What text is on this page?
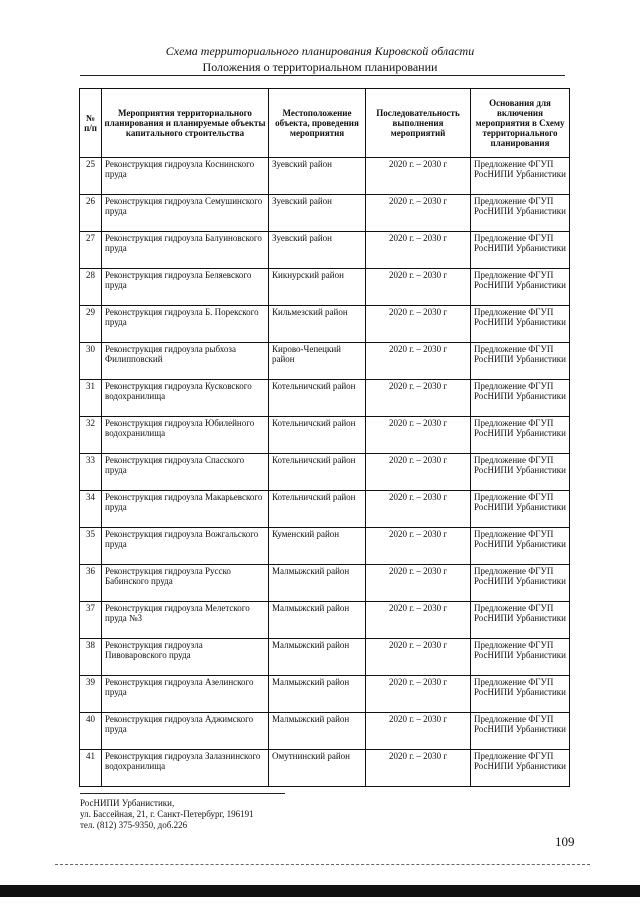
Схема территориального планирования Кировской области
Положения о территориальном планировании
№ п/п	Мероприятия территориального планирования и планируемые объекты капитального строительства	Местоположение объекта, проведения мероприятия	Последовательность выполнения мероприятий	Основания для включения мероприятия в Схему территориального планирования
25	Реконструкция гидроузла Коснинского пруда	Зуевский район	2020 г. – 2030 г	Предложение ФГУП РосНИПИ Урбанистики
26	Реконструкция гидроузла Семушинского пруда	Зуевский район	2020 г. – 2030 г	Предложение ФГУП РосНИПИ Урбанистики
27	Реконструкция гидроузла Балуиновского пруда	Зуевский район	2020 г. – 2030 г	Предложение ФГУП РосНИПИ Урбанистики
28	Реконструкция гидроузла Беляевского пруда	Кикнурский район	2020 г. – 2030 г	Предложение ФГУП РосНИПИ Урбанистики
29	Реконструкция гидроузла Б. Порекского пруда	Кильмезский район	2020 г. – 2030 г	Предложение ФГУП РосНИПИ Урбанистики
30	Реконструкция гидроузла рыбхоза Филипповский	Кирово-Чепецкий район	2020 г. – 2030 г	Предложение ФГУП РосНИПИ Урбанистики
31	Реконструкция гидроузла Кусковского водохранилища	Котельничский район	2020 г. – 2030 г	Предложение ФГУП РосНИПИ Урбанистики
32	Реконструкция гидроузла Юбилейного водохранилища	Котельничский район	2020 г. – 2030 г	Предложение ФГУП РосНИПИ Урбанистики
33	Реконструкция гидроузла Спасского пруда	Котельничский район	2020 г. – 2030 г	Предложение ФГУП РосНИПИ Урбанистики
34	Реконструкция гидроузла Макарьевского пруда	Котельничский район	2020 г. – 2030 г	Предложение ФГУП РосНИПИ Урбанистики
35	Реконструкция гидроузла Вожгальского пруда	Куменский район	2020 г. – 2030 г	Предложение ФГУП РосНИПИ Урбанистики
36	Реконструкция гидроузла Русско Бабинского пруда	Малмыжский район	2020 г. – 2030 г	Предложение ФГУП РосНИПИ Урбанистики
37	Реконструкция гидроузла Мелетского пруда №3	Малмыжский район	2020 г. – 2030 г	Предложение ФГУП РосНИПИ Урбанистики
38	Реконструкция гидроузла Пивоваровского пруда	Малмыжский район	2020 г. – 2030 г	Предложение ФГУП РосНИПИ Урбанистики
39	Реконструкция гидроузла Азелинского пруда	Малмыжский район	2020 г. – 2030 г	Предложение ФГУП РосНИПИ Урбанистики
40	Реконструкция гидроузла Аджимского пруда	Малмыжский район	2020 г. – 2030 г	Предложение ФГУП РосНИПИ Урбанистики
41	Реконструкция гидроузла Залазнинского водохранилища	Омутнинский район	2020 г. – 2030 г	Предложение ФГУП РосНИПИ Урбанистики
РосНИПИ Урбанистики,
ул. Бассейная, 21, г. Санкт-Петербург, 196191
тел. (812) 375-9350, доб.226
109
